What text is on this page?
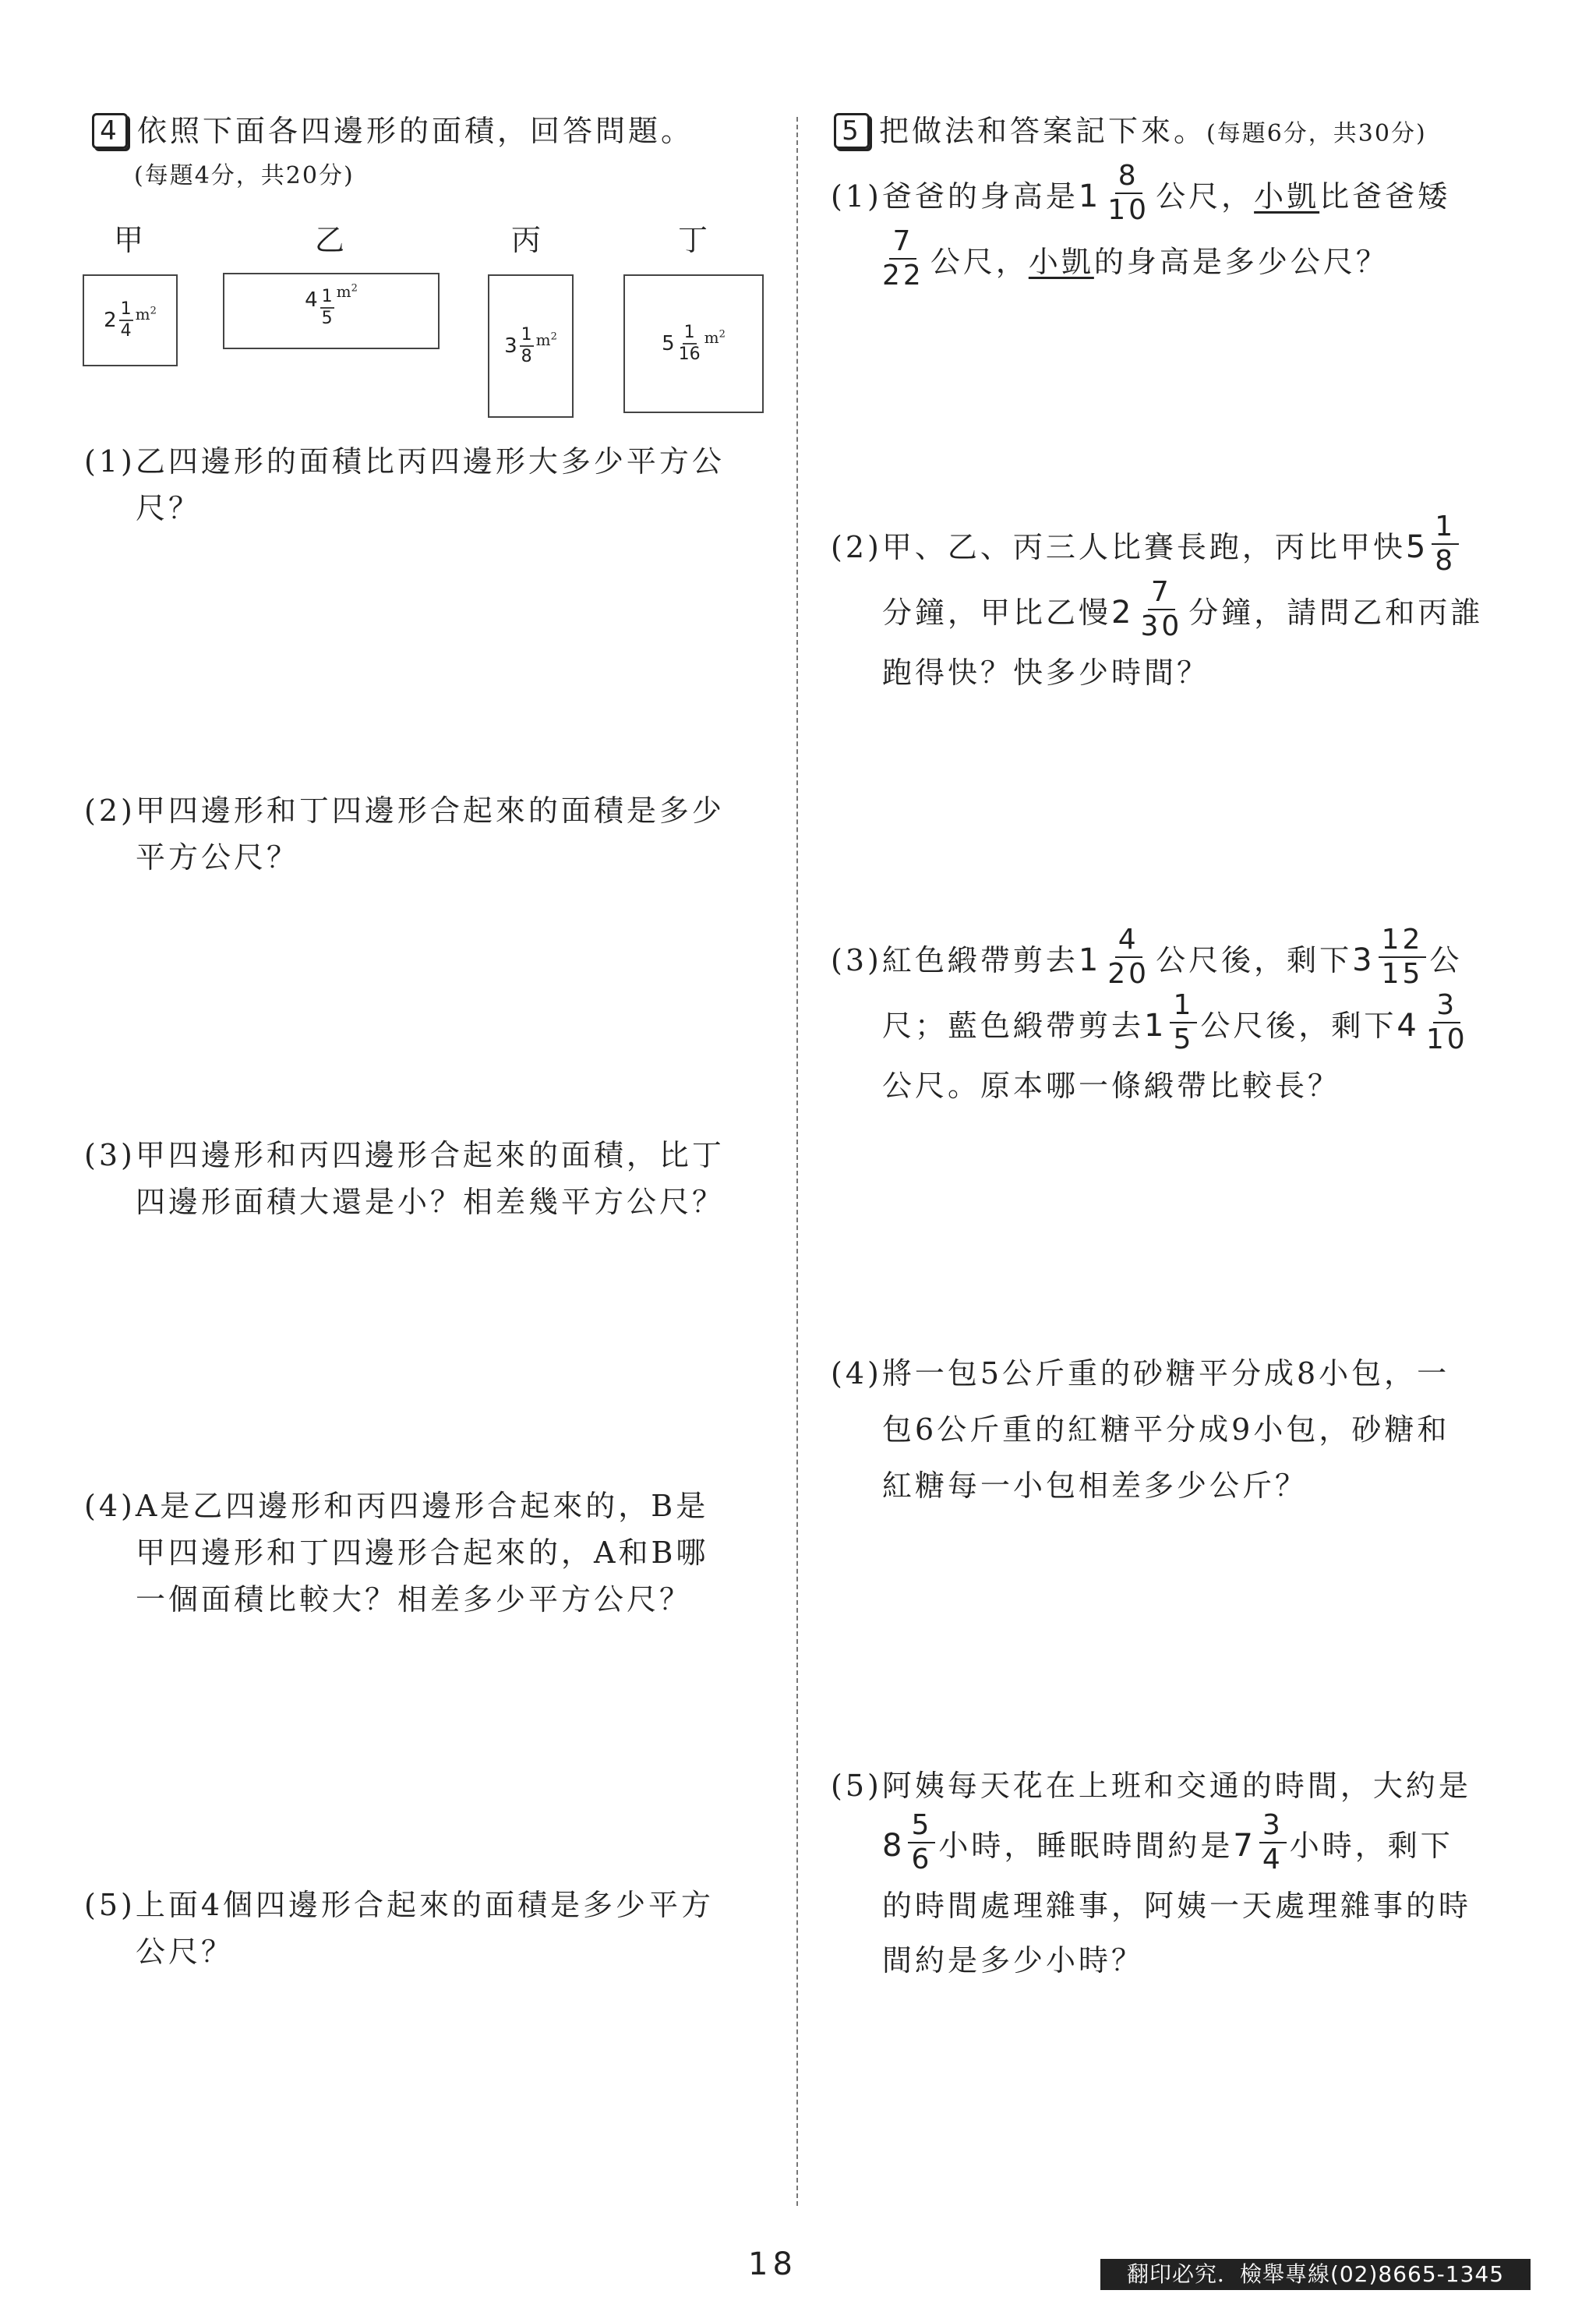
4 依照下面各四邊形的面積，回答問題。
(每題4分，共20分)
甲	乙	丙	丁
2 1
4
$m^2$	4 1
5
$m^2$
3 1
8
$m^2$	5 1
16
$m^2$
(1)乙四邊形的面積比丙四邊形大多少平方公
尺？
(2)甲四邊形和丁四邊形合起來的面積是多少
平方公尺？
(3)甲四邊形和丙四邊形合起來的面積，比丁
四邊形面積大還是小？相差幾平方公尺？
(4)A是乙四邊形和丙四邊形合起來的，B是
甲四邊形和丁四邊形合起來的，A和B哪
一個面積比較大？相差多少平方公尺？
(5)上面4個四邊形合起來的面積是多少平方
公尺？
5 把做法和答案記下來。(每題6分，共30分)
(1)爸爸的身高是 $1 \frac{8}{10}$ 公尺， 小凱 比爸爸矮
$\frac{7}{22}$ 公尺， 小凱 的身高是多少公尺？
(2)甲、乙、丙三人比賽長跑，丙比甲快 $5 \frac{1}{8}$
分鐘，甲比乙慢 $2 \frac{7}{30}$ 分鐘，請問乙和丙誰
跑得快？快多少時間？
(3)紅色緞帶剪去 $1 \frac{4}{20}$ 公尺後，剩下 $3 \frac{12}{15}$ 公
尺；藍色緞帶剪去 $1 \frac{1}{5}$ 公尺後，剩下 $4 \frac{3}{10}$
公尺。原本哪一條緞帶比較長？
(4)將一包5公斤重的砂糖平分成8小包，一
包6公斤重的紅糖平分成9小包，砂糖和
紅糖每一小包相差多少公斤？
(5)阿姨每天花在上班和交通的時間，大約是
$8 \frac{5}{6}$ 小時，睡眠時間約是 $7 \frac{3}{4}$ 小時，剩下
的時間處理雜事，阿姨一天處理雜事的時
間約是多少小時？
18	翻印必究．檢舉專線(02)8665-1345
